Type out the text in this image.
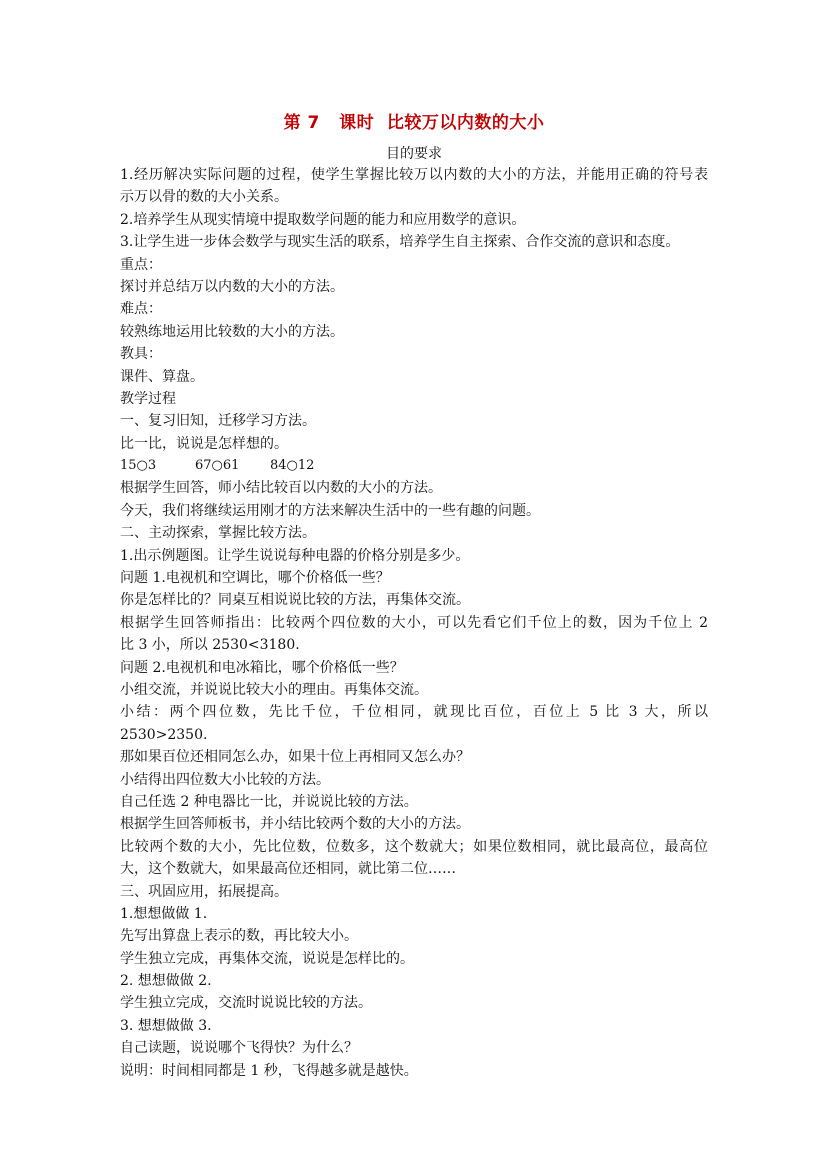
第 7   课时  比较万以内数的大小
目的要求
1.经历解决实际问题的过程，使学生掌握比较万以内数的大小的方法，并能用正确的符号表
示万以骨的数的大小关系。
2.培养学生从现实情境中提取数学问题的能力和应用数学的意识。
3.让学生进一步体会数学与现实生活的联系，培养学生自主探索、合作交流的意识和态度。
重点：
探讨并总结万以内数的大小的方法。
难点：
较熟练地运用比较数的大小的方法。
教具：
课件、算盘。
教学过程
一、复习旧知，迁移学习方法。
比一比，说说是怎样想的。
15○3	67○61 84○12
根据学生回答，师小结比较百以内数的大小的方法。
今天，我们将继续运用刚才的方法来解决生活中的一些有趣的问题。
二、主动探索，掌握比较方法。
1.出示例题图。让学生说说每种电器的价格分别是多少。
问题 1.电视机和空调比，哪个价格低一些？
你是怎样比的？同桌互相说说比较的方法，再集体交流。
根据学生回答师指出：比较两个四位数的大小，可以先看它们千位上的数，因为千位上 2
比 3 小，所以 2530<3180.
问题 2.电视机和电冰箱比，哪个价格低一些？
小组交流，并说说比较大小的理由。再集体交流。
小结：两个四位数，先比千位，千位相同，就现比百位，百位上 5 比 3 大，所以
2530>2350.
那如果百位还相同怎么办，如果十位上再相同又怎么办？
小结得出四位数大小比较的方法。
自己任选 2 种电器比一比，并说说比较的方法。
根据学生回答师板书，并小结比较两个数的大小的方法。
比较两个数的大小，先比位数，位数多，这个数就大；如果位数相同，就比最高位，最高位
大，这个数就大，如果最高位还相同，就比第二位……
三、巩固应用，拓展提高。
1.想想做做 1.
先写出算盘上表示的数，再比较大小。
学生独立完成，再集体交流，说说是怎样比的。
2. 想想做做 2.
学生独立完成，交流时说说比较的方法。
3. 想想做做 3.
自己读题，说说哪个飞得快？为什么？
说明：时间相同都是 1 秒，飞得越多就是越快。
